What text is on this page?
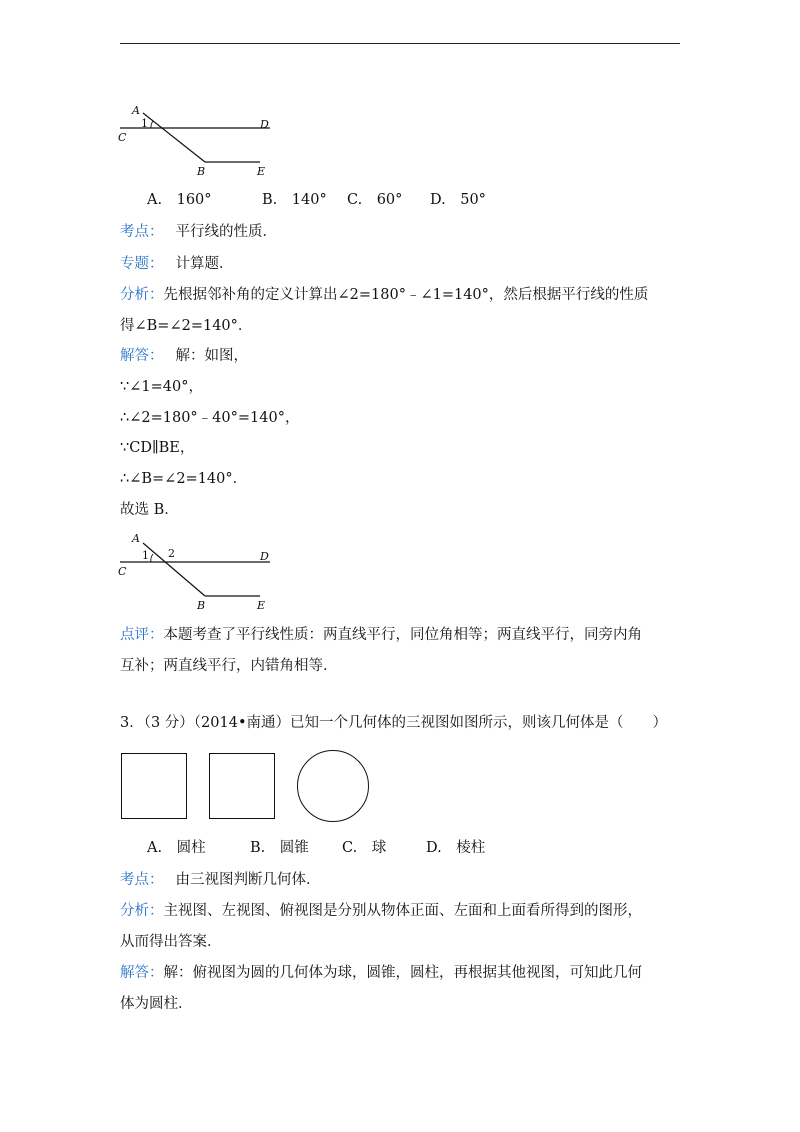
A
1
C
D
B	E
A.　 160°	B.　 140° C.　 60° D.　 50°
考点： 平行线的性质．
专题： 计算题．
分析：先根据邻补角的定义计算出∠2=180°﹣∠1=140°，然后根据平行线的性质
得∠B=∠2=140°．
解答： 解：如图，
∵∠1=40°，
∴∠2=180°﹣40°=140°，
∵CD∥BE，
∴∠B=∠2=140°．
故选 B．
A
1 2
C
D
B	E
点评：本题考查了平行线性质：两直线平行，同位角相等；两直线平行，同旁内角
互补；两直线平行，内错角相等．
3．（3 分）（2014•南通）已知一个几何体的三视图如图所示，则该几何体是（　　）
A.　 圆柱	B.　 圆锥 C.　 球	D.　 棱柱
考点： 由三视图判断几何体．
分析：主视图、左视图、俯视图是分别从物体正面、左面和上面看所得到的图形，
从而得出答案．
解答：解：俯视图为圆的几何体为球，圆锥，圆柱，再根据其他视图，可知此几何
体为圆柱．
